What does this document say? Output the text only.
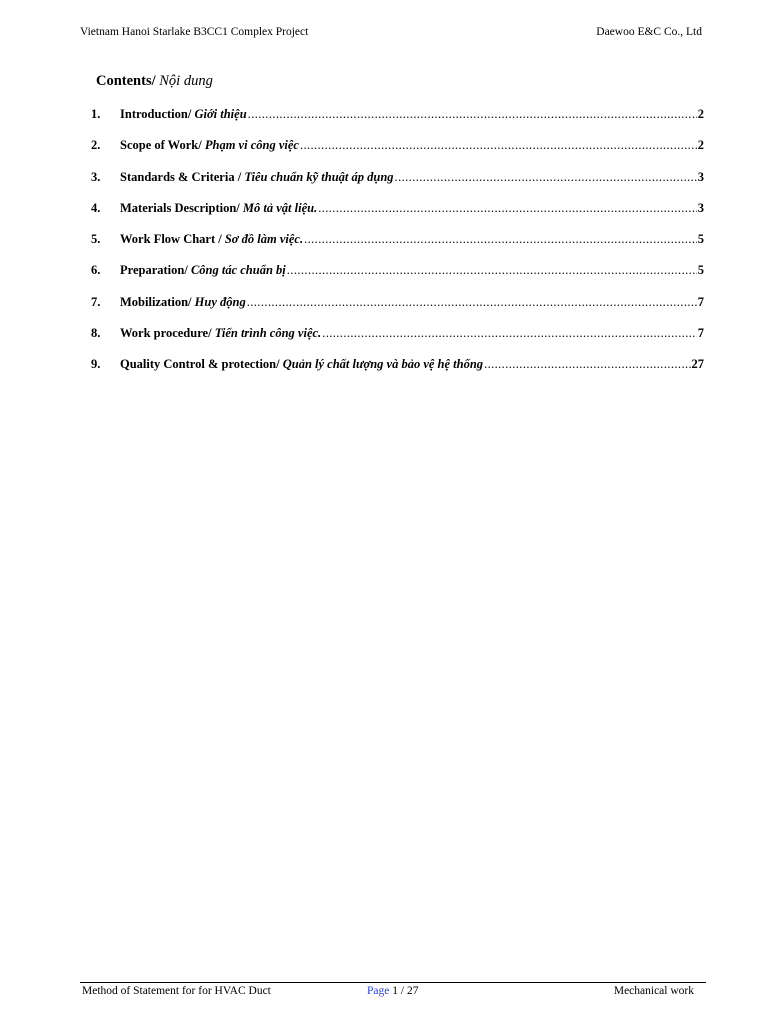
Vietnam Hanoi Starlake B3CC1 Complex Project	Daewoo E&C Co., Ltd
Contents/ Nội dung
1.	Introduction/ Giới thiệu .....	2
2.	Scope of Work/ Phạm vi công việc .....	2
3.	Standards & Criteria / Tiêu chuẩn kỹ thuật áp dụng .....	3
4.	Materials Description/ Mô tả vật liệu. .....	3
5.	Work Flow Chart / Sơ đồ làm việc. .....	5
6.	Preparation/ Công tác chuẩn bị .....	5
7.	Mobilization/ Huy động .....	7
8.	Work procedure/ Tiến trình công việc. .....	7
9.	Quality Control & protection/ Quản lý chất lượng và bảo vệ hệ thống .....	27
Method of Statement for for HVAC Duct	Page 1 / 27	Mechanical work
